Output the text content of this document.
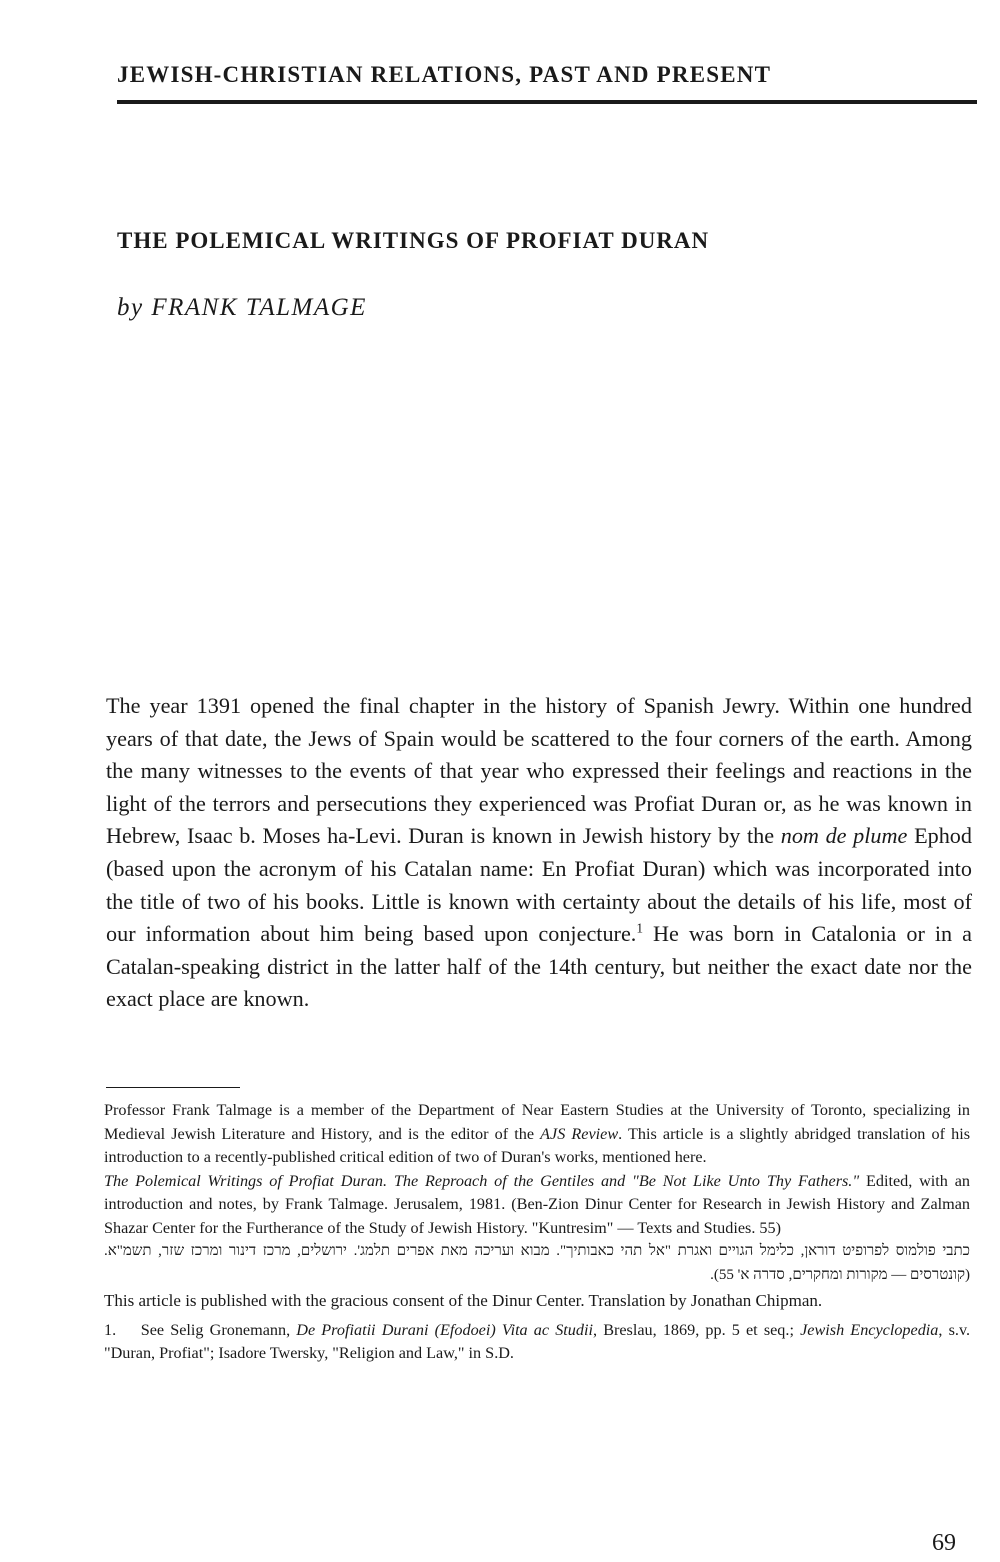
JEWISH-CHRISTIAN RELATIONS, PAST AND PRESENT
THE POLEMICAL WRITINGS OF PROFIAT DURAN
by FRANK TALMAGE

The year 1391 opened the final chapter in the history of Spanish Jewry. Within one hundred years of that date, the Jews of Spain would be scattered to the four corners of the earth. Among the many witnesses to the events of that year who expressed their feelings and reactions in the light of the terrors and persecutions they experienced was Profiat Duran or, as he was known in Hebrew, Isaac b. Moses ha-Levi. Duran is known in Jewish history by the nom de plume Ephod (based upon the acronym of his Catalan name: En Profiat Duran) which was incorporated into the title of two of his books. Little is known with certainty about the details of his life, most of our information about him being based upon conjecture.$^1$ He was born in Catalonia or in a Catalan-speaking district in the latter half of the 14th century, but neither the exact date nor the exact place are known.

Professor Frank Talmage is a member of the Department of Near Eastern Studies at the University of Toronto, specializing in Medieval Jewish Literature and History, and is the editor of the AJS Review. This article is a slightly abridged translation of his introduction to a recently-published critical edition of two of Duran's works, mentioned here.

The Polemical Writings of Profiat Duran. The Reproach of the Gentiles and "Be Not Like Unto Thy Fathers." Edited, with an introduction and notes, by Frank Talmage. Jerusalem, 1981. (Ben-Zion Dinur Center for Research in Jewish History and Zalman Shazar Center for the Furtherance of the Study of Jewish History. "Kuntresim" — Texts and Studies. 55)

כתבי פולמוס לפרופיט דוראן, כלימל הגויים ואגרת "אל תהי כאבותיך". מבוא ועריכה מאת אפרים תלמג'. ירושלים, מרכז דינור ומרכז שזר, תשמ"א. (קונטרסים — מקורות ומחקרים, סדרה א' 55).

This article is published with the gracious consent of the Dinur Center. Translation by Jonathan Chipman.

1. See Selig Gronemann, De Profiatii Durani (Efodoei) Vita ac Studii, Breslau, 1869, pp. 5 et seq.; Jewish Encyclopedia, s.v. "Duran, Profiat"; Isadore Twersky, "Religion and Law," in S.D.

69
